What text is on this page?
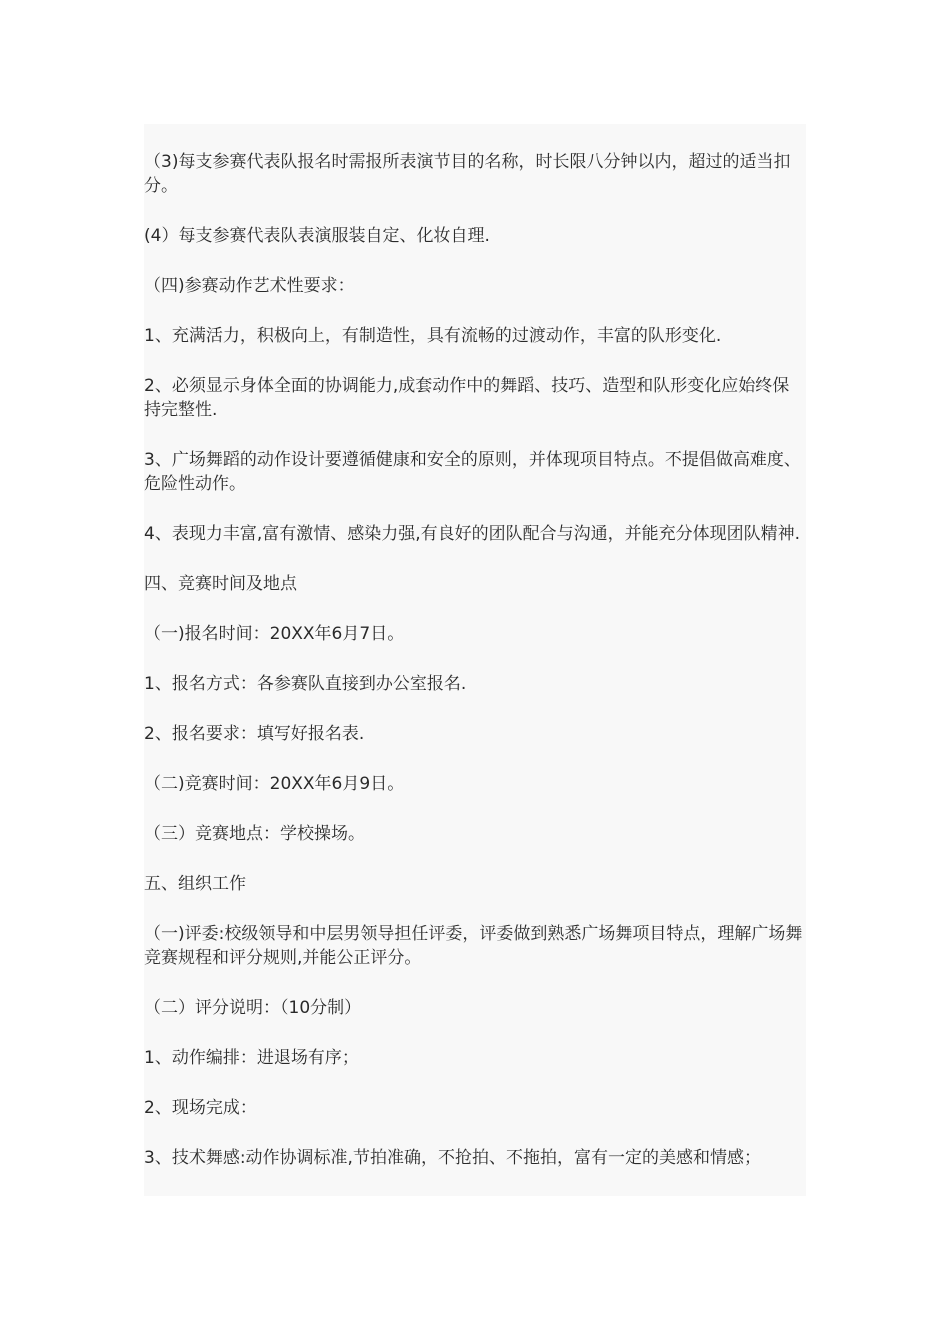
（3)每支参赛代表队报名时需报所表演节目的名称，时长限八分钟以内，超过的适当扣分。

(4）每支参赛代表队表演服装自定、化妆自理.

（四)参赛动作艺术性要求：

1、充满活力，积极向上，有制造性，具有流畅的过渡动作，丰富的队形变化.

2、必须显示身体全面的协调能力,成套动作中的舞蹈、技巧、造型和队形变化应始终保持完整性.

3、广场舞蹈的动作设计要遵循健康和安全的原则，并体现项目特点。不提倡做高难度、危险性动作。

4、表现力丰富,富有激情、感染力强,有良好的团队配合与沟通，并能充分体现团队精神.

四、竞赛时间及地点

（一)报名时间：20XX年6月7日。

1、报名方式：各参赛队直接到办公室报名.

2、报名要求：填写好报名表.

（二)竞赛时间：20XX年6月9日。

（三）竞赛地点：学校操场。

五、组织工作

（一)评委:校级领导和中层男领导担任评委，评委做到熟悉广场舞项目特点，理解广场舞竞赛规程和评分规则,并能公正评分。

（二）评分说明：（10分制）

1、动作编排：进退场有序；

2、现场完成：

3、技术舞感:动作协调标准,节拍准确，不抢拍、不拖拍，富有一定的美感和情感；
